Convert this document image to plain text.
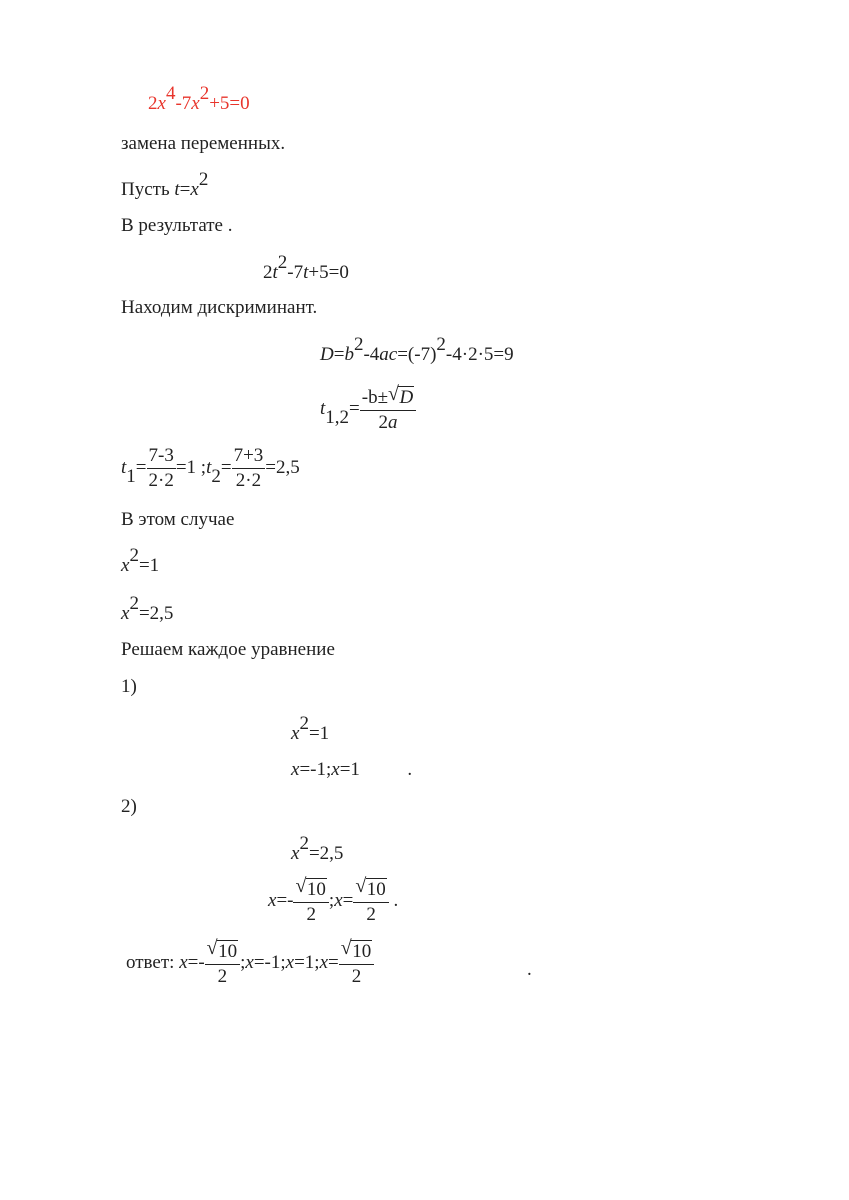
2x4-7x2+5=0
замена переменных.
Пусть t=x2
В результате .
2t2-7t+5=0
Находим дискриминант.
D=b2-4ac=(-7)2-4·2·5=9
$t1,2= \frac{-b\pm √ D}{2a}$
$t1= \frac{7-3}{2\cdot 2} =1$ ;t2= $\frac{7+3}{2\cdot 2} =2,5$
В этом случае
x2=1
x2=2,5
Решаем каждое уравнение
1)
x2=1
x=-1;x=1          .
2)
x2=2,5
$x=- \frac{√ 10}{2}$ ;x= $\frac{√ 10}{2}$ .
ответ: $x=- \frac{√ 10}{2}$ ;x=-1;x=1;x= $\frac{√ 10}{2}$	.
